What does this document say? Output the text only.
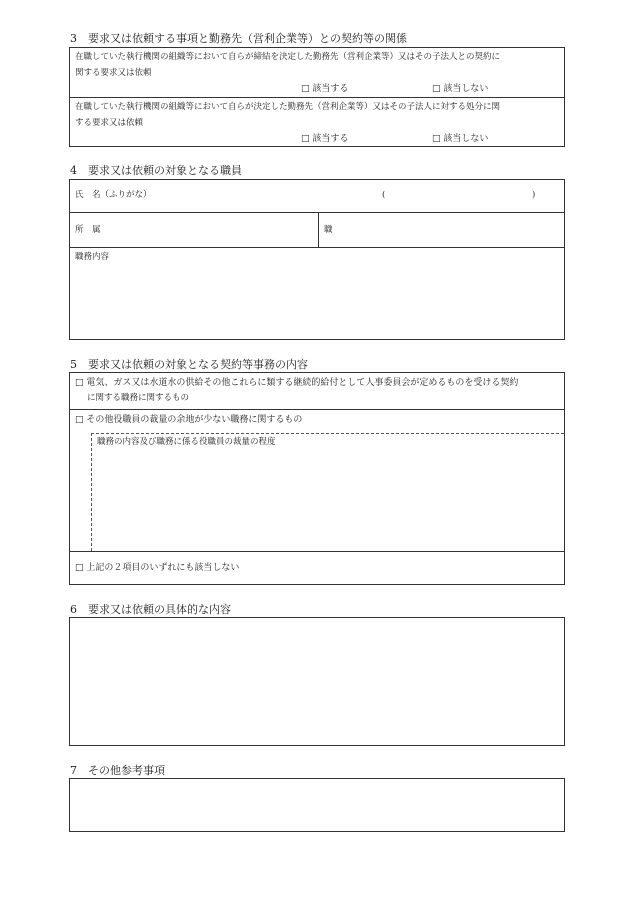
3　要求又は依頼する事項と勤務先（営利企業等）との契約等の関係
在職していた執行機関の組織等において自らが締結を決定した勤務先（営利企業等）又はその子法人との契約に
関する要求又は依頼
□ 該当する	□ 該当しない
在職していた執行機関の組織等において自らが決定した勤務先（営利企業等）又はその子法人に対する処分に関
する要求又は依頼
□ 該当する	□ 該当しない
4　要求又は依頼の対象となる職員
氏　名（ふりがな）	(	)
所　属	職
職務内容
5　要求又は依頼の対象となる契約等事務の内容
□ 電気、ガス又は水道水の供給その他これらに類する継続的給付として人事委員会が定めるものを受ける契約
に関する職務に関するもの
□ その他役職員の裁量の余地が少ない職務に関するもの
職務の内容及び職務に係る役職員の裁量の程度
□ 上記の２項目のいずれにも該当しない
6　要求又は依頼の具体的な内容
7　その他参考事項
